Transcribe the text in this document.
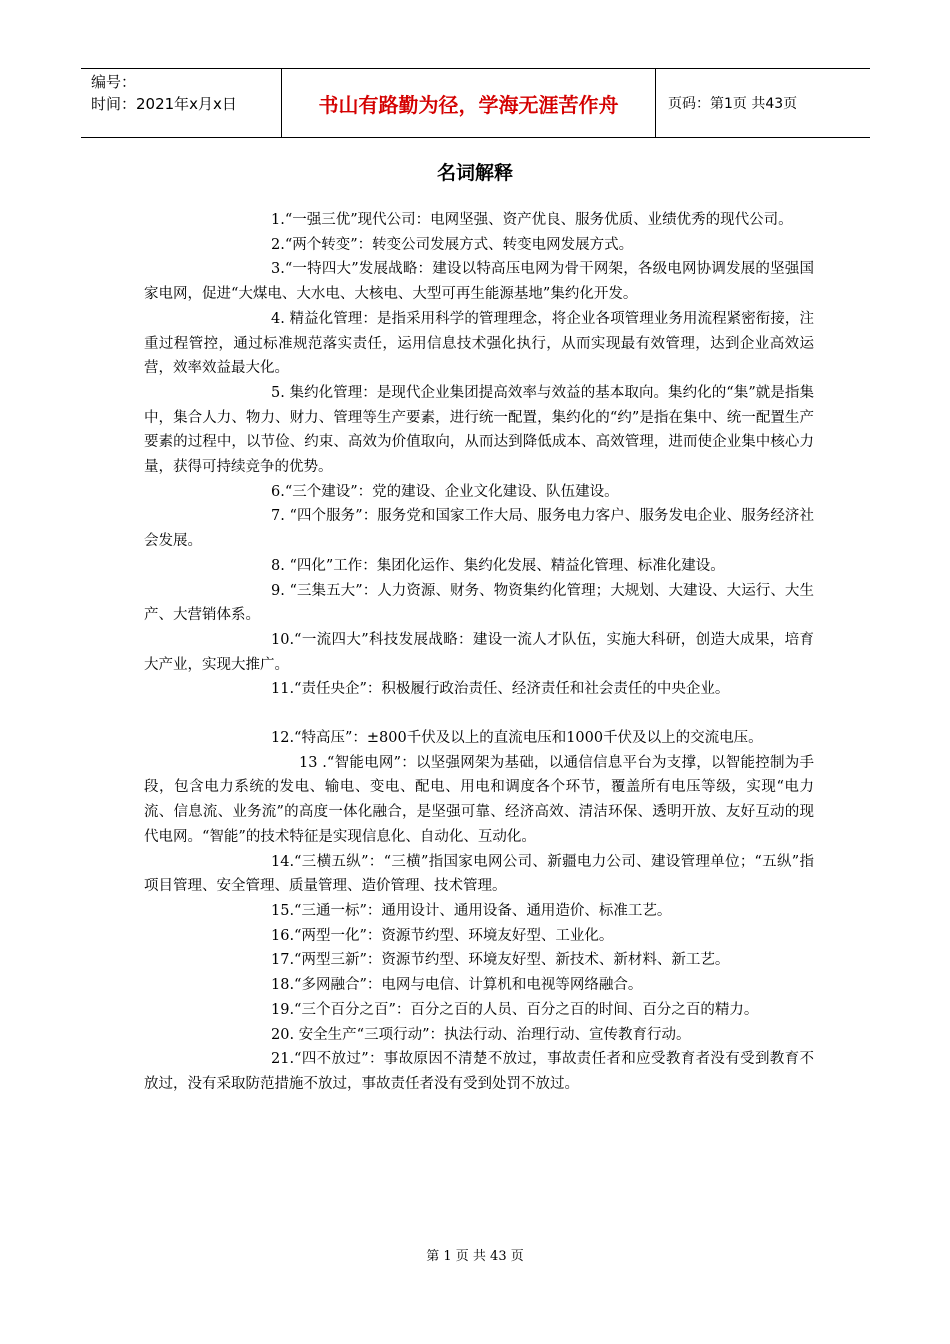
编号：
时间：2021年x月x日	书山有路勤为径，学海无涯苦作舟	页码：第1页 共43页
名词解释

1.“一强三优”现代公司：电网坚强、资产优良、服务优质、业绩优秀的现代公司。

2.“两个转变”：转变公司发展方式、转变电网发展方式。

3.“一特四大”发展战略：建设以特高压电网为骨干网架，各级电网协调发展的坚强国家电网，促进“大煤电、大水电、大核电、大型可再生能源基地”集约化开发。

4. 精益化管理：是指采用科学的管理理念，将企业各项管理业务用流程紧密衔接，注重过程管控，通过标准规范落实责任，运用信息技术强化执行，从而实现最有效管理，达到企业高效运营，效率效益最大化。

5. 集约化管理：是现代企业集团提高效率与效益的基本取向。集约化的“集”就是指集中，集合人力、物力、财力、管理等生产要素，进行统一配置，集约化的“约”是指在集中、统一配置生产要素的过程中，以节俭、约束、高效为价值取向，从而达到降低成本、高效管理，进而使企业集中核心力量，获得可持续竞争的优势。

6.“三个建设”：党的建设、企业文化建设、队伍建设。

7. “四个服务”：服务党和国家工作大局、服务电力客户、服务发电企业、服务经济社会发展。

8. “四化”工作：集团化运作、集约化发展、精益化管理、标准化建设。

9. “三集五大”：人力资源、财务、物资集约化管理；大规划、大建设、大运行、大生产、大营销体系。

10.“一流四大”科技发展战略：建设一流人才队伍，实施大科研，创造大成果，培育大产业，实现大推广。

11.“责任央企”：积极履行政治责任、经济责任和社会责任的中央企业。

12.“特高压”：±800千伏及以上的直流电压和1000千伏及以上的交流电压。

13 .“智能电网”：以坚强网架为基础，以通信信息平台为支撑，以智能控制为手段，包含电力系统的发电、输电、变电、配电、用电和调度各个环节，覆盖所有电压等级，实现“电力流、信息流、业务流”的高度一体化融合，是坚强可靠、经济高效、清洁环保、透明开放、友好互动的现代电网。“智能”的技术特征是实现信息化、自动化、互动化。

14.“三横五纵”：“三横”指国家电网公司、新疆电力公司、建设管理单位；“五纵”指项目管理、安全管理、质量管理、造价管理、技术管理。

15.“三通一标”：通用设计、通用设备、通用造价、标准工艺。

16.“两型一化”：资源节约型、环境友好型、工业化。

17.“两型三新”：资源节约型、环境友好型、新技术、新材料、新工艺。

18.“多网融合”：电网与电信、计算机和电视等网络融合。

19.“三个百分之百”：百分之百的人员、百分之百的时间、百分之百的精力。

20. 安全生产“三项行动”：执法行动、治理行动、宣传教育行动。

21.“四不放过”：事故原因不清楚不放过，事故责任者和应受教育者没有受到教育不放过，没有采取防范措施不放过，事故责任者没有受到处罚不放过。

第 1 页 共 43 页
